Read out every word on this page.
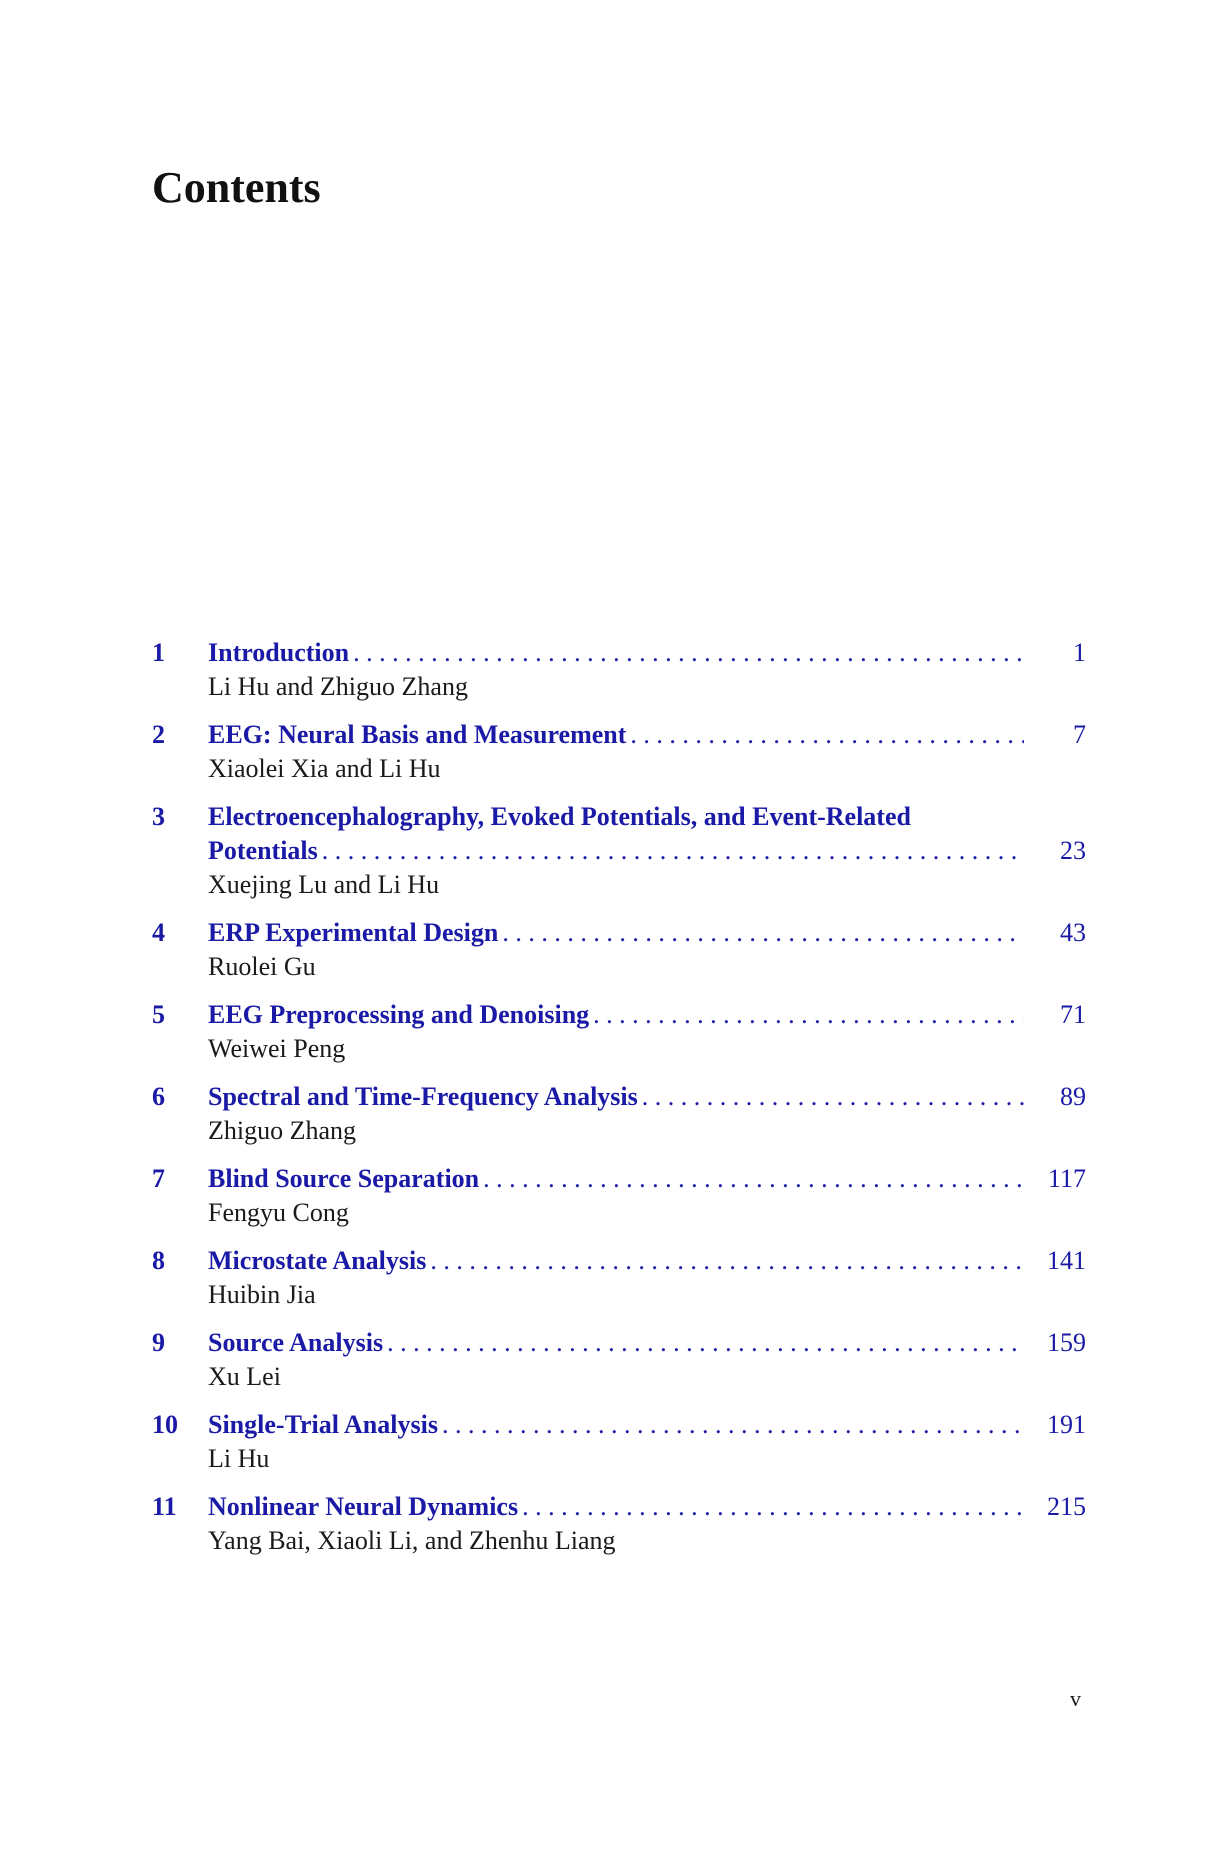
Contents
1	Introduction . . .	1
Li Hu and Zhiguo Zhang
2	EEG: Neural Basis and Measurement . . .	7
Xiaolei Xia and Li Hu
3	Electroencephalography, Evoked Potentials, and Event-Related
Potentials . . .	23
Xuejing Lu and Li Hu
4	ERP Experimental Design . . .	43
Ruolei Gu
5	EEG Preprocessing and Denoising . . .	71
Weiwei Peng
6	Spectral and Time-Frequency Analysis . . .	89
Zhiguo Zhang
7	Blind Source Separation . . .	117
Fengyu Cong
8	Microstate Analysis . . .	141
Huibin Jia
9	Source Analysis . . .	159
Xu Lei
10	Single-Trial Analysis . . .	191
Li Hu
11	Nonlinear Neural Dynamics . . .	215
Yang Bai, Xiaoli Li, and Zhenhu Liang
v
